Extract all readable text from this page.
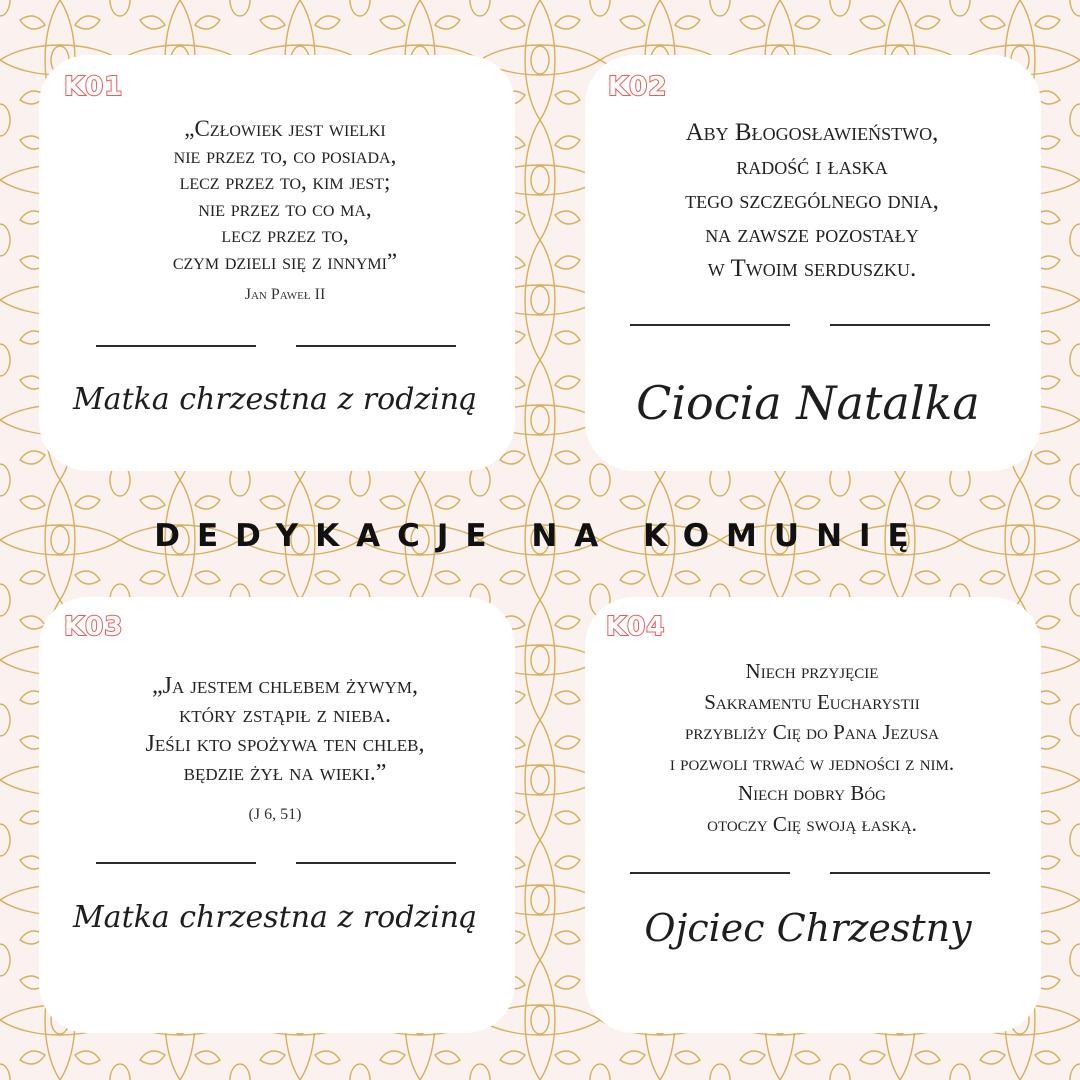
DEDYKACJE NA KOMUNIĘ
K01
„Człowiek jest wielki
nie przez to, co posiada,
lecz przez to, kim jest;
nie przez to co ma,
lecz przez to,
czym dzieli się z innymi”
Jan Paweł II
Matka chrzestna z rodziną
K02
Aby Błogosławieństwo,
radość i łaska
tego szczególnego dnia,
na zawsze pozostały
w Twoim serduszku.
Ciocia Natalka
K03
„Ja jestem chlebem żywym,
który zstąpił z nieba.
Jeśli kto spożywa ten chleb,
będzie żył na wieki.”
(J 6, 51)
Matka chrzestna z rodziną
K04
Niech przyjęcie
Sakramentu Eucharystii
przybliży Cię do Pana Jezusa
i pozwoli trwać w jedności z nim.
Niech dobry Bóg
otoczy Cię swoją łaską.
Ojciec Chrzestny
